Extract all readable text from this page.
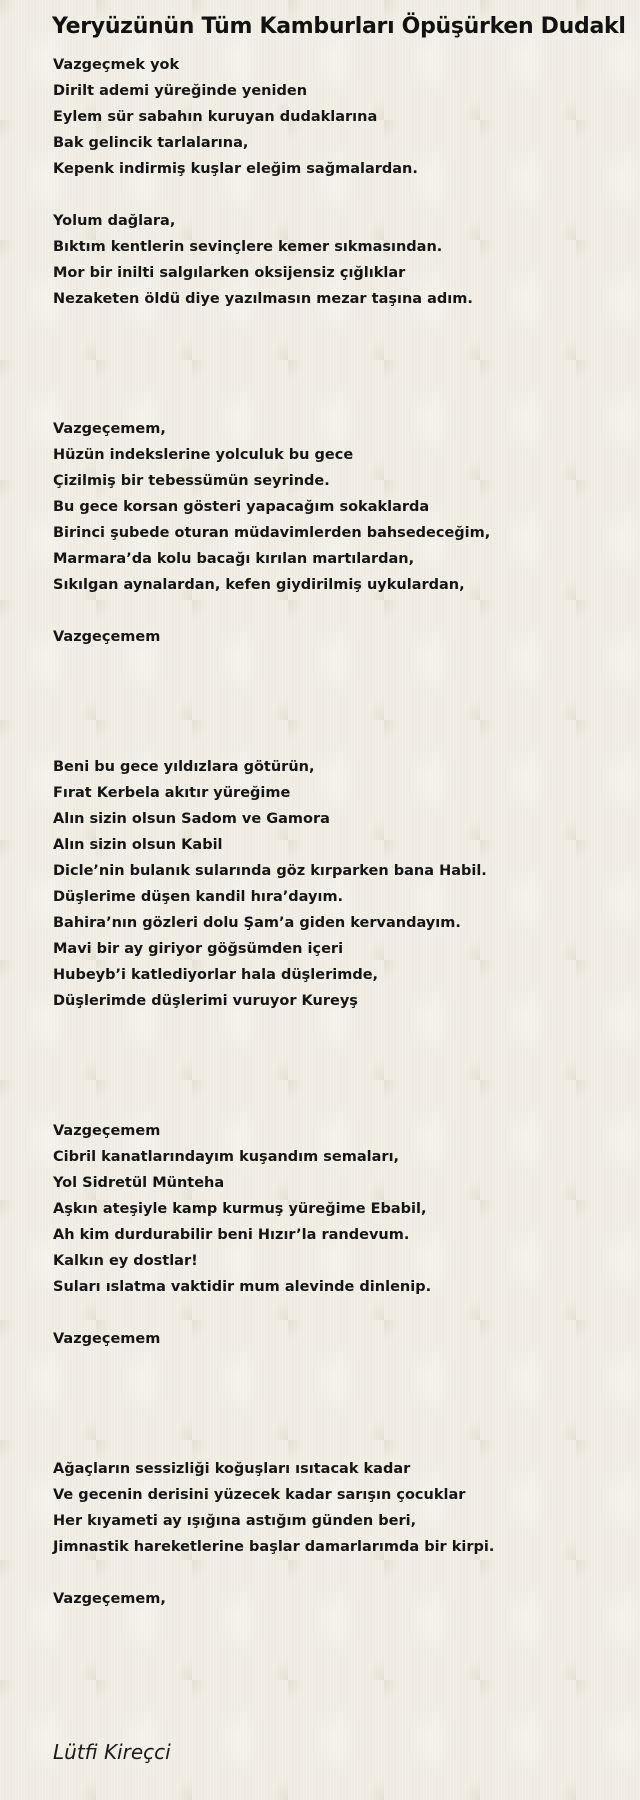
Yeryüzünün Tüm Kamburları Öpüşürken Dudakl
Vazgeçmek yok
Dirilt ademi yüreğinde yeniden
Eylem sür sabahın kuruyan dudaklarına
Bak gelincik tarlalarına,
Kepenk indirmiş kuşlar eleğim sağmalardan.
Yolum dağlara,
Bıktım kentlerin sevinçlere kemer sıkmasından.
Mor bir inilti salgılarken oksijensiz çığlıklar
Nezaketen öldü diye yazılmasın mezar taşına adım.
Vazgeçemem,
Hüzün indekslerine yolculuk bu gece
Çizilmiş bir tebessümün seyrinde.
Bu gece korsan gösteri yapacağım sokaklarda
Birinci şubede oturan müdavimlerden bahsedeceğim,
Marmara’da kolu bacağı kırılan martılardan,
Sıkılgan aynalardan, kefen giydirilmiş uykulardan,
Vazgeçemem
Beni bu gece yıldızlara götürün,
Fırat Kerbela akıtır yüreğime
Alın sizin olsun Sadom ve Gamora
Alın sizin olsun Kabil
Dicle’nin bulanık sularında göz kırparken bana Habil.
Düşlerime düşen kandil hıra’dayım.
Bahira’nın gözleri dolu Şam’a giden kervandayım.
Mavi bir ay giriyor göğsümden içeri
Hubeyb’i katlediyorlar hala düşlerimde,
Düşlerimde düşlerimi vuruyor Kureyş
Vazgeçemem
Cibril kanatlarındayım kuşandım semaları,
Yol Sidretül Münteha
Aşkın ateşiyle kamp kurmuş yüreğime Ebabil,
Ah kim durdurabilir beni Hızır’la randevum.
Kalkın ey dostlar!
Suları ıslatma vaktidir mum alevinde dinlenip.
Vazgeçemem
Ağaçların sessizliği koğuşları ısıtacak kadar
Ve gecenin derisini yüzecek kadar sarışın çocuklar
Her kıyameti ay ışığına astığım günden beri,
Jimnastik hareketlerine başlar damarlarımda bir kirpi.
Vazgeçemem,
Lütfi Kireçci
